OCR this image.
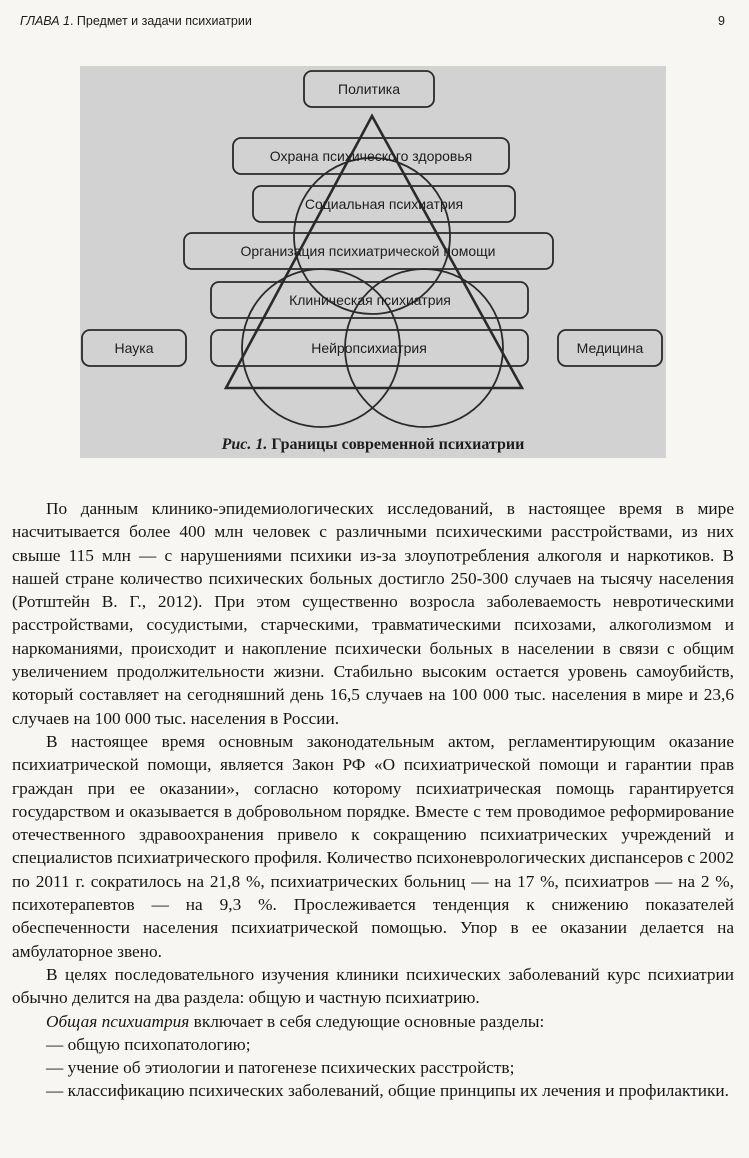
ГЛАВА 1. Предмет и задачи психиатрии	9
Политика
Охрана психического здоровья
Социальная психиатрия
Организация психиатрической помощи
Клиническая психиатрия
Нейропсихиатрия
Наука	Медицина
Рис. 1. Границы современной психиатрии

По данным клинико-эпидемиологических исследований, в настоящее время в мире насчитывается более 400 млн человек с различными психическими расстройствами, из них свыше 115 млн — с нарушениями психики из-за злоупотребления алкоголя и наркотиков. В нашей стране количество психических больных достигло 250-300 случаев на тысячу населения (Ротштейн В. Г., 2012). При этом существенно возросла заболеваемость невротическими расстройствами, сосудистыми, старческими, травматическими психозами, алкоголизмом и наркоманиями, происходит и накопление психически больных в населении в связи с общим увеличением продолжительности жизни. Стабильно высоким остается уровень самоубийств, который составляет на сегодняшний день 16,5 случаев на 100 000 тыс. населения в мире и 23,6 случаев на 100 000 тыс. населения в России.

В настоящее время основным законодательным актом, регламентирующим оказание психиатрической помощи, является Закон РФ «О психиатрической помощи и гарантии прав граждан при ее оказании», согласно которому психиатрическая помощь гарантируется государством и оказывается в добровольном порядке. Вместе с тем проводимое реформирование отечественного здравоохранения привело к сокращению психиатрических учреждений и специалистов психиатрического профиля. Количество психоневрологических диспансеров с 2002 по 2011 г. сократилось на 21,8 %, психиатрических больниц — на 17 %, психиатров — на 2 %, психотерапевтов — на 9,3 %. Прослеживается тенденция к снижению показателей обеспеченности населения психиатрической помощью. Упор в ее оказании делается на амбулаторное звено.

В целях последовательного изучения клиники психических заболеваний курс психиатрии обычно делится на два раздела: общую и частную психиатрию.

Общая психиатрия включает в себя следующие основные разделы:

— общую психопатологию;

— учение об этиологии и патогенезе психических расстройств;

— классификацию психических заболеваний, общие принципы их лечения и профилактики.
